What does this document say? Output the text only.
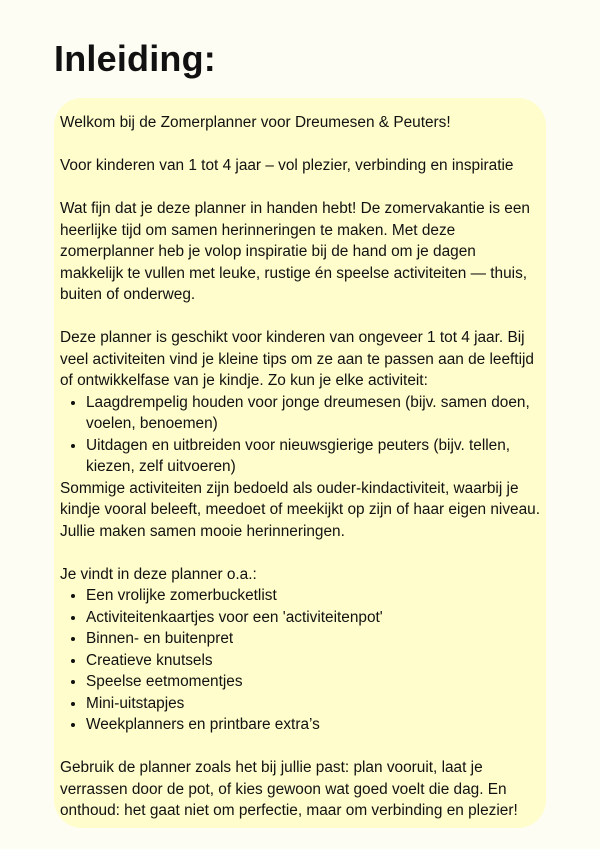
Inleiding:

Welkom bij de Zomerplanner voor Dreumesen & Peuters!

Voor kinderen van 1 tot 4 jaar – vol plezier, verbinding en inspiratie

Wat fijn dat je deze planner in handen hebt! De zomervakantie is een heerlijke tijd om samen herinneringen te maken. Met deze zomerplanner heb je volop inspiratie bij de hand om je dagen makkelijk te vullen met leuke, rustige én speelse activiteiten — thuis, buiten of onderweg.

Deze planner is geschikt voor kinderen van ongeveer 1 tot 4 jaar. Bij veel activiteiten vind je kleine tips om ze aan te passen aan de leeftijd of ontwikkelfase van je kindje. Zo kun je elke activiteit:

• Laagdrempelig houden voor jonge dreumesen (bijv. samen doen, voelen, benoemen)
• Uitdagen en uitbreiden voor nieuwsgierige peuters (bijv. tellen, kiezen, zelf uitvoeren)

Sommige activiteiten zijn bedoeld als ouder-kindactiviteit, waarbij je kindje vooral beleeft, meedoet of meekijkt op zijn of haar eigen niveau. Jullie maken samen mooie herinneringen.

Je vindt in deze planner o.a.:

• Een vrolijke zomerbucketlist
• Activiteitenkaartjes voor een 'activiteitenpot'
• Binnen- en buitenpret
• Creatieve knutsels
• Speelse eetmomentjes
• Mini-uitstapjes
• Weekplanners en printbare extra’s

Gebruik de planner zoals het bij jullie past: plan vooruit, laat je verrassen door de pot, of kies gewoon wat goed voelt die dag. En onthoud: het gaat niet om perfectie, maar om verbinding en plezier!
